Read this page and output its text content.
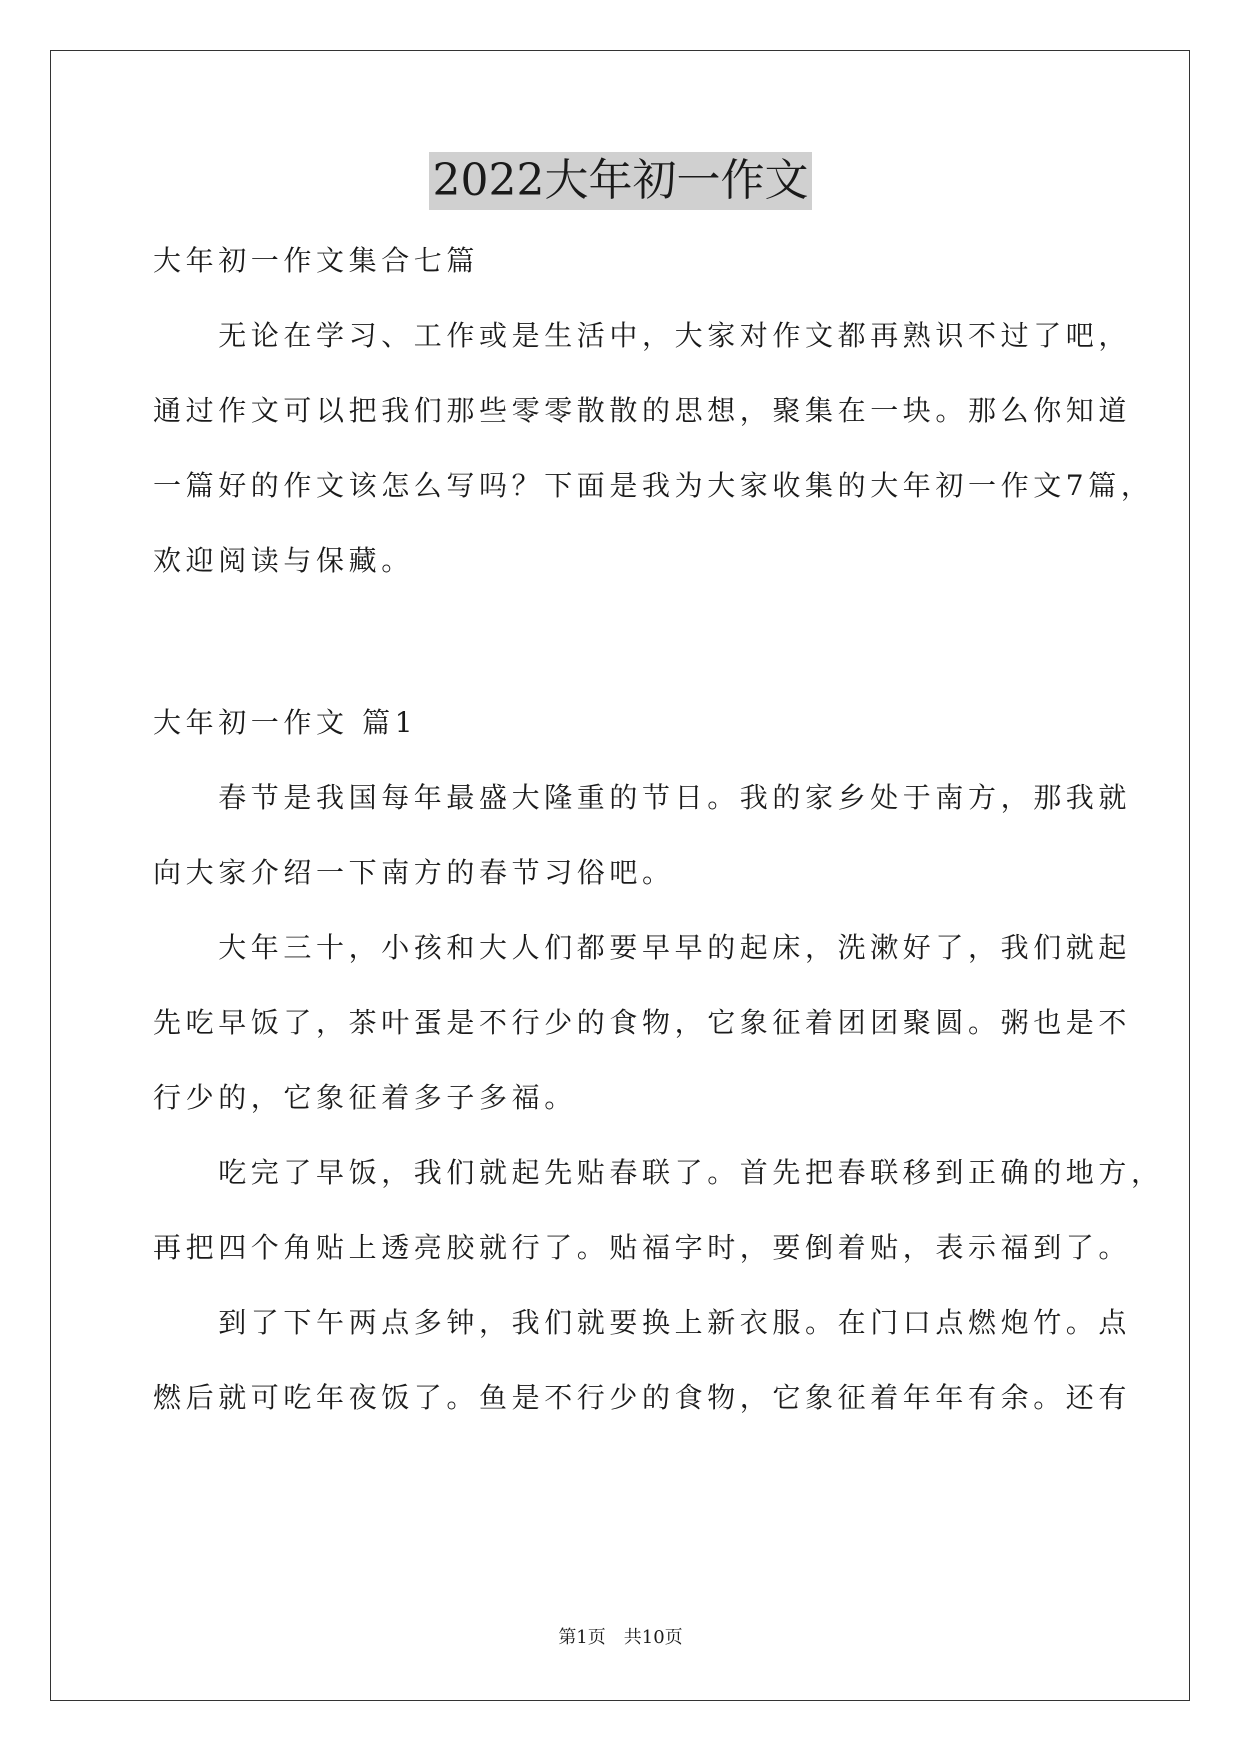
2022大年初一作文
大年初一作文集合七篇
　　无论在学习、工作或是生活中，大家对作文都再熟识不过了吧，
通过作文可以把我们那些零零散散的思想，聚集在一块。那么你知道
一篇好的作文该怎么写吗？下面是我为大家收集的大年初一作文7篇，
欢迎阅读与保藏。
大年初一作文 篇1
　　春节是我国每年最盛大隆重的节日。我的家乡处于南方，那我就
向大家介绍一下南方的春节习俗吧。
　　大年三十，小孩和大人们都要早早的起床，洗漱好了，我们就起
先吃早饭了，茶叶蛋是不行少的食物，它象征着团团聚圆。粥也是不
行少的，它象征着多子多福。
　　吃完了早饭，我们就起先贴春联了。首先把春联移到正确的地方，
再把四个角贴上透亮胶就行了。贴福字时，要倒着贴，表示福到了。
　　到了下午两点多钟，我们就要换上新衣服。在门口点燃炮竹。点
燃后就可吃年夜饭了。鱼是不行少的食物，它象征着年年有余。还有
第1页　共10页
